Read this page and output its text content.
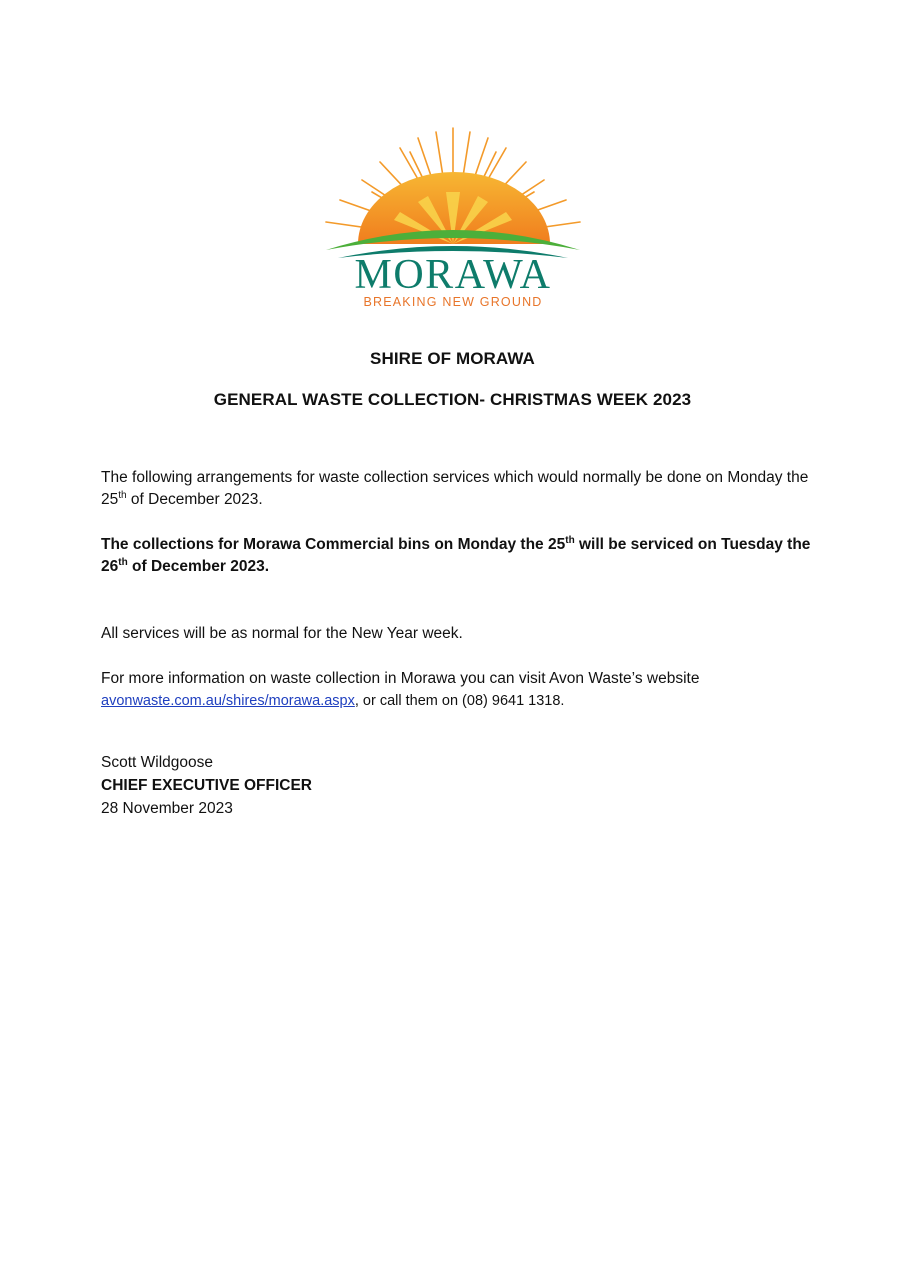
MORAWA
BREAKING NEW GROUND
SHIRE OF MORAWA
GENERAL WASTE COLLECTION- CHRISTMAS WEEK 2023
The following arrangements for waste collection services which would normally be done on Monday the 25th of December 2023.
The collections for Morawa Commercial bins on Monday the 25th will be serviced on Tuesday the 26th of December 2023.
All services will be as normal for the New Year week.
For more information on waste collection in Morawa you can visit Avon Waste’s website avonwaste.com.au/shires/morawa.aspx, or call them on (08) 9641 1318.
Scott Wildgoose
CHIEF EXECUTIVE OFFICER
28 November 2023
